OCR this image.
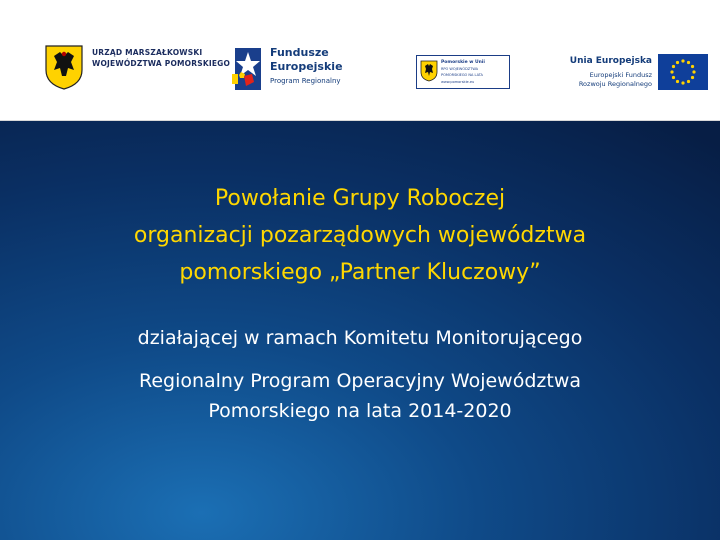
URZĄD MARSZAŁKOWSKI
WOJEWÓDZTWA POMORSKIEGO
Fundusze
Europejskie
Program Regionalny
Pomorskie w Unii
RPO WOJEWÓDZTWA
POMORSKIEGO NA LATA
www.pomorskie.eu
Unia Europejska
Europejski Fundusz
Rozwoju Regionalnego
Powołanie Grupy Roboczej
organizacji pozarządowych województwa
pomorskiego „Partner Kluczowy”
działającej w ramach Komitetu Monitorującego
Regionalny Program Operacyjny Województwa
Pomorskiego na lata 2014-2020
